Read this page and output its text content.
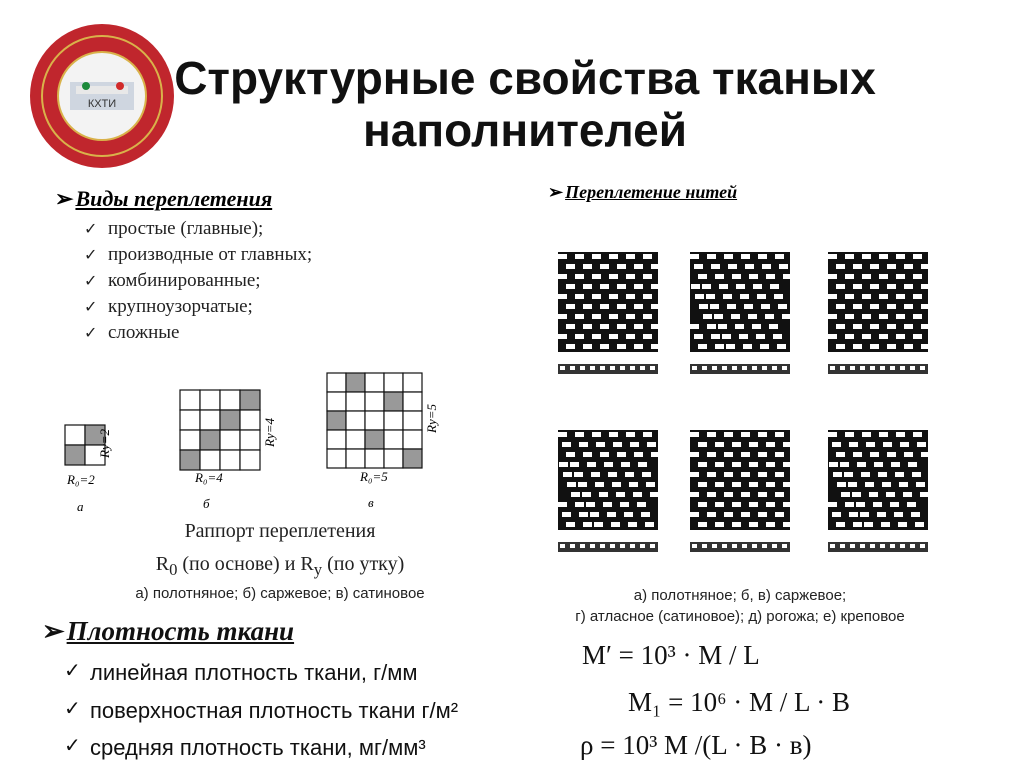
КХТИ	Структурные свойства тканых наполнителей
➢Виды переплетения
✓ простые (главные);
✓ производные от главных;
✓ комбинированные;
✓ крупноузорчатые;
✓ сложные
➢ Переплетение нитей
R₀=2
Rу=2
а
R₀=4
Rу=4
б
R₀=5
Rу=5
в
Раппорт переплетения
$R_0$ (по основе) и $R_у$ (по утку)
а) полотняное; б) саржевое; в) сатиновое	а) полотняное; б, в) саржевое;
г) атласное (сатиновое); д) рогожа; е) креповое
➢Плотность ткани
✓ линейная плотность ткани, г/мм
M′ = 10³ · M / L
✓ поверхностная плотность ткани г/м²	M₁ = 10⁶ · M / L · B
✓ средняя плотность ткани, мг/мм³	ρ = 10³ M /(L · B · в)
